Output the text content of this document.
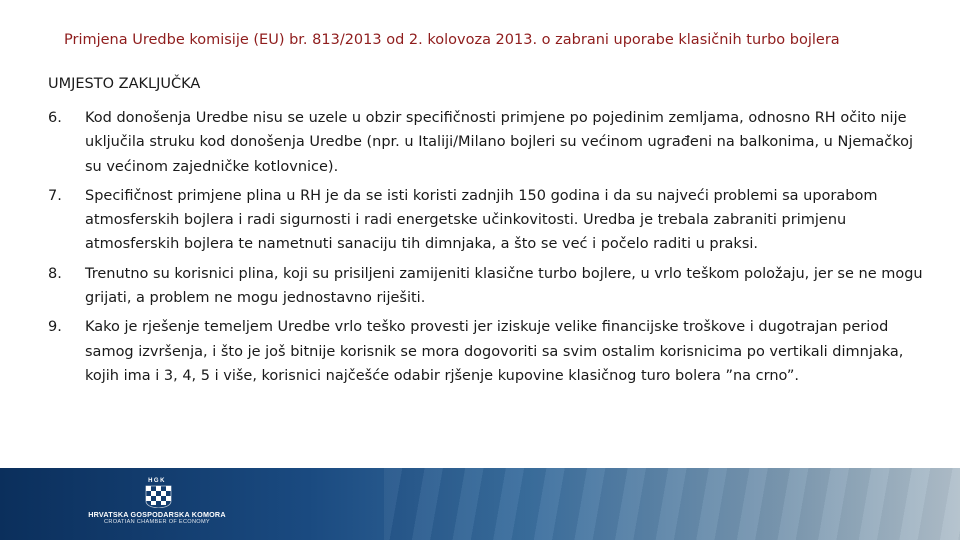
Primjena Uredbe komisije (EU) br. 813/2013 od 2. kolovoza 2013. o zabrani uporabe klasičnih turbo bojlera
UMJESTO ZAKLJUČKA
6. Kod donošenja Uredbe nisu se uzele u obzir specifičnosti primjene po pojedinim zemljama, odnosno RH očito nije uključila struku kod donošenja Uredbe (npr. u Italiji/Milano bojleri su većinom ugrađeni na balkonima, u Njemačkoj su većinom zajedničke kotlovnice).
7. Specifičnost primjene plina u RH je da se isti koristi zadnjih 150 godina i da su najveći problemi sa uporabom atmosferskih bojlera i radi sigurnosti i radi energetske učinkovitosti. Uredba je trebala zabraniti primjenu atmosferskih bojlera te nametnuti sanaciju tih dimnjaka, a što se već i počelo raditi u praksi.
8. Trenutno su korisnici plina, koji su prisiljeni zamijeniti klasične turbo bojlere, u vrlo teškom položaju, jer se ne mogu grijati, a problem ne mogu jednostavno riješiti.
9. Kako je rješenje temeljem Uredbe vrlo teško provesti jer iziskuje velike financijske troškove i dugotrajan period samog izvršenja, i što je još bitnije korisnik se mora dogovoriti sa svim ostalim korisnicima po vertikali dimnjaka, kojih ima i 3, 4, 5 i više, korisnici najčešće odabir rjšenje kupovine klasičnog turo bolera ”na crno”.
HGK
HRVATSKA GOSPODARSKA KOMORA
CROATIAN CHAMBER OF ECONOMY
